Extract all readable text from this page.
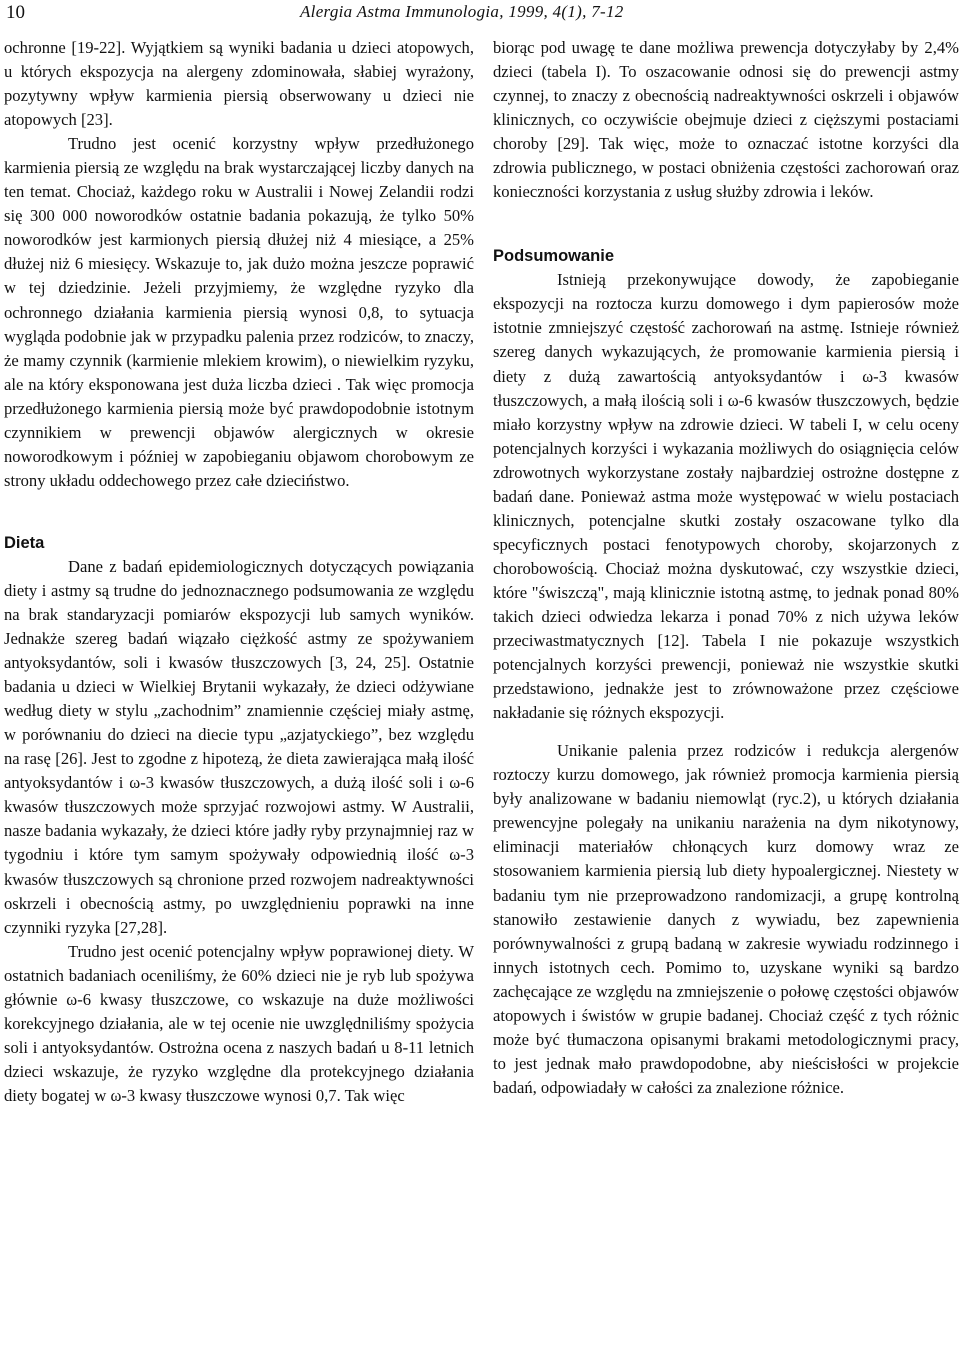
10	Alergia Astma Immunologia, 1999, 4(1), 7-12

ochronne [19-22]. Wyjątkiem są wyniki badania u dzieci atopowych, u których ekspozycja na alergeny zdominowała, słabiej wyrażony, pozytywny wpływ karmienia piersią obserwowany u dzieci nie atopowych [23].

Trudno jest ocenić korzystny wpływ przedłużonego karmienia piersią ze względu na brak wystarczającej liczby danych na ten temat. Chociaż, każdego roku w Australii i Nowej Zelandii rodzi się 300 000 noworodków ostatnie badania pokazują, że tylko 50% noworodków jest karmionych piersią dłużej niż 4 miesiące, a 25% dłużej niż 6 miesięcy. Wskazuje to, jak dużo można jeszcze poprawić w tej dziedzinie. Jeżeli przyjmiemy, że względne ryzyko dla ochronnego działania karmienia piersią wynosi 0,8, to sytuacja wygląda podobnie jak w przypadku palenia przez rodziców, to znaczy, że mamy czynnik (karmienie mlekiem krowim), o niewielkim ryzyku, ale na który eksponowana jest duża liczba dzieci . Tak więc promocja przedłużonego karmienia piersią może być prawdopodobnie istotnym czynnikiem w prewencji objawów alergicznych w okresie noworodkowym i później w zapobieganiu objawom chorobowym ze strony układu oddechowego przez całe dzieciństwo.

Dieta

Dane z badań epidemiologicznych dotyczących powiązania diety i astmy są trudne do jednoznacznego podsumowania ze względu na brak standaryzacji pomiarów ekspozycji lub samych wyników. Jednakże szereg badań wiązało ciężkość astmy ze spożywaniem antyoksydantów, soli i kwasów tłuszczowych [3, 24, 25]. Ostatnie badania u dzieci w Wielkiej Brytanii wykazały, że dzieci odżywiane według diety w stylu „zachodnim” znamiennie częściej miały astmę, w porównaniu do dzieci na diecie typu „azjatyckiego”, bez względu na rasę [26]. Jest to zgodne z hipotezą, że dieta zawierająca małą ilość antyoksydantów i ω-3 kwasów tłuszczowych, a dużą ilość soli i ω-6 kwasów tłuszczowych może sprzyjać rozwojowi astmy. W Australii, nasze badania wykazały, że dzieci które jadły ryby przynajmniej raz w tygodniu i które tym samym spożywały odpowiednią ilość ω-3 kwasów tłuszczowych są chronione przed rozwojem nadreaktywności oskrzeli i obecnością astmy, po uwzględnieniu poprawki na inne czynniki ryzyka [27,28].

Trudno jest ocenić potencjalny wpływ poprawionej diety. W ostatnich badaniach oceniliśmy, że 60% dzieci nie je ryb lub spożywa głównie ω-6 kwasy tłuszczowe, co wskazuje na duże możliwości korekcyjnego działania, ale w tej ocenie nie uwzględniliśmy spożycia soli i antyoksydantów. Ostrożna ocena z naszych badań u 8-11 letnich dzieci wskazuje, że ryzyko względne dla protekcyjnego działania diety bogatej w ω-3 kwasy tłuszczowe wynosi 0,7. Tak więc

biorąc pod uwagę te dane możliwa prewencja dotyczyłaby by 2,4% dzieci (tabela I). To oszacowanie odnosi się do prewencji astmy czynnej, to znaczy z obecnością nadreaktywności oskrzeli i objawów klinicznych, co oczywiście obejmuje dzieci z cięższymi postaciami choroby [29]. Tak więc, może to oznaczać istotne korzyści dla zdrowia publicznego, w postaci obniżenia częstości zachorowań oraz konieczności korzystania z usług służby zdrowia i leków.

Podsumowanie

Istnieją przekonywujące dowody, że zapobieganie ekspozycji na roztocza kurzu domowego i dym papierosów może istotnie zmniejszyć częstość zachorowań na astmę. Istnieje również szereg danych wykazujących, że promowanie karmienia piersią i diety z dużą zawartością antyoksydantów i ω-3 kwasów tłuszczowych, a małą ilością soli i ω-6 kwasów tłuszczowych, będzie miało korzystny wpływ na zdrowie dzieci. W tabeli I, w celu oceny potencjalnych korzyści i wykazania możliwych do osiągnięcia celów zdrowotnych wykorzystane zostały najbardziej ostrożne dostępne z badań dane. Ponieważ astma może występować w wielu postaciach klinicznych, potencjalne skutki zostały oszacowane tylko dla specyficznych postaci fenotypowych choroby, skojarzonych z chorobowością. Chociaż można dyskutować, czy wszystkie dzieci, które "świszczą", mają klinicznie istotną astmę, to jednak ponad 80% takich dzieci odwiedza lekarza i ponad 70% z nich używa leków przeciwastmatycznych [12]. Tabela I nie pokazuje wszystkich potencjalnych korzyści prewencji, ponieważ nie wszystkie skutki przedstawiono, jednakże jest to zrównoważone przez częściowe nakładanie się różnych ekspozycji.

Unikanie palenia przez rodziców i redukcja alergenów roztoczy kurzu domowego, jak również promocja karmienia piersią były analizowane w badaniu niemowląt (ryc.2), u których działania prewencyjne polegały na unikaniu narażenia na dym nikotynowy, eliminacji materiałów chłonących kurz domowy wraz ze stosowaniem karmienia piersią lub diety hypoalergicznej. Niestety w badaniu tym nie przeprowadzono randomizacji, a grupę kontrolną stanowiło zestawienie danych z wywiadu, bez zapewnienia porównywalności z grupą badaną w zakresie wywiadu rodzinnego i innych istotnych cech. Pomimo to, uzyskane wyniki są bardzo zachęcające ze względu na zmniejszenie o połowę częstości objawów atopowych i świstów w grupie badanej. Chociaż część z tych różnic może być tłumaczona opisanymi brakami metodologicznymi pracy, to jest jednak mało prawdopodobne, aby nieścisłości w projekcie badań, odpowiadały w całości za znalezione różnice.
